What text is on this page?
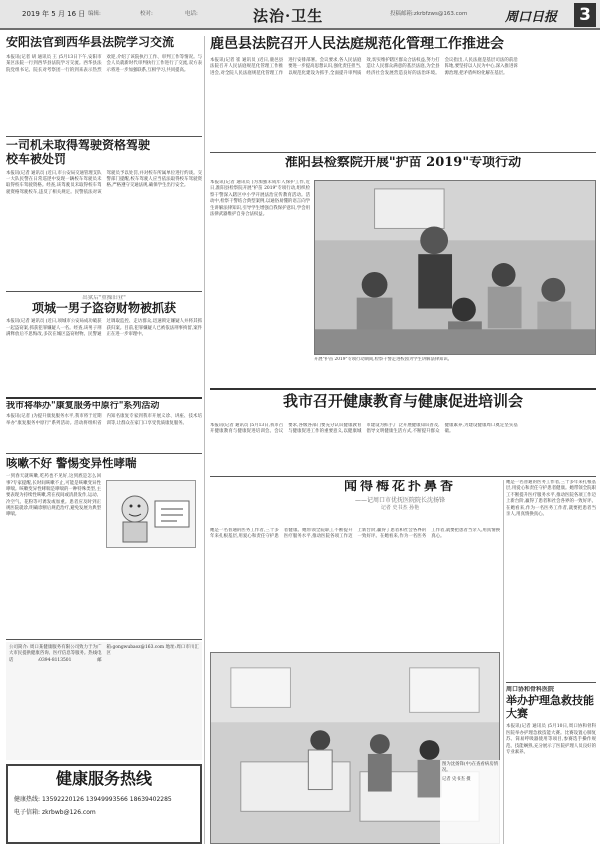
2019 年 5 月 16 日 编辑:	校对:	电话:	法治·卫生	投稿邮箱:zkrbfzws@163.com	周口日报 3
安阳法官到西华县法院学习交流
本报讯(记者 胡 通讯员 王 )5月13日下午,安阳市某区法院一行到西华县法院学习交流。西华县法院党组书记、院长对考察团一行的到来表示热烈欢迎,介绍了该院执行工作、审判工作等情况。与会人员就新时代审判执行工作进行了交流,双方表示将进一步加强联系,互相学习,共同提高。
一司机未取得驾驶资格驾驶校车被处罚
本报讯(记者 通讯员 )近日,市公安局交通管理支队一大队民警在日常巡逻中发现一辆校车驾驶员未取得校车驾驶资格。经查,该驾驶员未取得校车驾驶资格驾驶校车,违反了相关规定。民警依法对该驾驶员予以处罚,并对校车所属单位进行约谈。交警部门提醒,校车驾驶人应当依法取得校车驾驶资格,严格遵守交通法规,确保学生出行安全。
出狱后"重操旧业"
项城一男子盗窃财物被抓获
本报讯(记者 通讯员 )近日,项城市公安局成功破获一起盗窃案,抓获犯罪嫌疑人一名。经查,该男子刑满释放后不思悔改,多次在城区盗窃财物。民警通过调取监控、走访群众,迅速锁定嫌疑人并将其抓获归案。目前,犯罪嫌疑人已被依法刑事拘留,案件正在进一步审理中。
我市将举办"康复服务中原行"系列活动
本报讯(记者 )为提升康复服务水平,我市将于近期举办"康复服务中原行"系列活动。活动将组织省内知名康复专家到我市开展义诊、讲座、技术培训等,让群众在家门口享受优质康复服务。
咳嗽不好 警惕变异性哮喘
一到春天就咳嗽,吃药也不见好,这到底是怎么回事?专家提醒,长时间咳嗽不止,可能是咳嗽变异性哮喘。咳嗽变异性哮喘是哮喘的一种特殊类型,主要表现为持续性咳嗽,常在夜间或清晨发作,运动、冷空气、花粉等可诱发或加重。患者应及时到正规医院就诊,明确诊断后规范治疗,避免发展为典型哮喘。
公司简介: 周口某健康服务有限公司致力于为广大市民提供健康咨询、医疗信息等服务。热线电话:0394-8113501 邮箱:gongwubaoz@163.com 地址:周口市川汇区
健康服务热线
健康热线: 13592220126 13949993566 18639402285
电子信箱: zkrbwb@126.com
鹿邑县法院召开人民法庭规范化管理工作推进会
本报讯(记者 崔 通讯员 )近日,鹿邑县法院召开人民法庭规范化管理工作推进会,对全院人民法庭规范化管理工作进行安排部署。会议要求,各人民法庭要进一步提高思想认识,强化责任担当,以规范化建设为抓手,全面提升审判质效,切实维护辖区群众合法权益,努力打造让人民群众满意的基层法庭,为全县经济社会发展营造良好的法治环境。会议指出,人民法庭是基层司法的前沿阵地,要坚持以人民为中心,深入推进诉源治理,把矛盾纠纷化解在基层。
淮阳县检察院开展"护苗 2019"专项行动
本报讯(记者 通讯员 )为加强未成年人保护工作,近日,淮阳县检察院开展"护苗 2019"专项行动,组织检察干警深入辖区中小学开展法治宣传教育活动。活动中,检察干警结合典型案例,以通俗易懂的语言向学生讲解法律知识,引导学生增强自我保护意识,学会用法律武器维护自身合法权益。
开展"护苗 2019"专项行动期间,检察干警走进校园为学生讲解法律知识。
我市召开健康教育与健康促进培训会
本报讯(记者 通讯员 )5月13日,我市召开健康教育与健康促进培训会。会议要求,各级各部门要充分认识健康教育与健康促进工作的重要意义,以健康城市建设为抓手,广泛开展健康知识普及,倡导文明健康生活方式,不断提升群众健康素养,为建设健康周口奠定坚实基础。
闻得梅花扑鼻香
——记周口市优抚医院院长沈扬锋
记者 史书杰 孙艳
她是一名普通的医务工作者,三十多年来扎根基层,用爱心和责任守护患者健康。她带领全院职工不断提升医疗服务水平,推动医院各项工作迈上新台阶,赢得了患者和社会各界的一致好评。在她看来,作为一名医务工作者,就要把患者当亲人,用真情换真心。
图为沈扬锋(中)在查看病房情况。
记者 史书杰 摄
她是一名普通的医务工作者,三十多年来扎根基层,用爱心和责任守护患者健康。她带领全院职工不断提升医疗服务水平,推动医院各项工作迈上新台阶,赢得了患者和社会各界的一致好评。在她看来,作为一名医务工作者,就要把患者当亲人,用真情换真心。
周口协和骨科医院
举办护理急救技能大赛
本报讯(记者 通讯员 )5月10日,周口协和骨科医院举办护理急救技能大赛。比赛设置心肺复苏、简易呼吸器使用等项目,参赛选手操作规范、技能娴熟,充分展示了医院护理人员良好的专业素养。
